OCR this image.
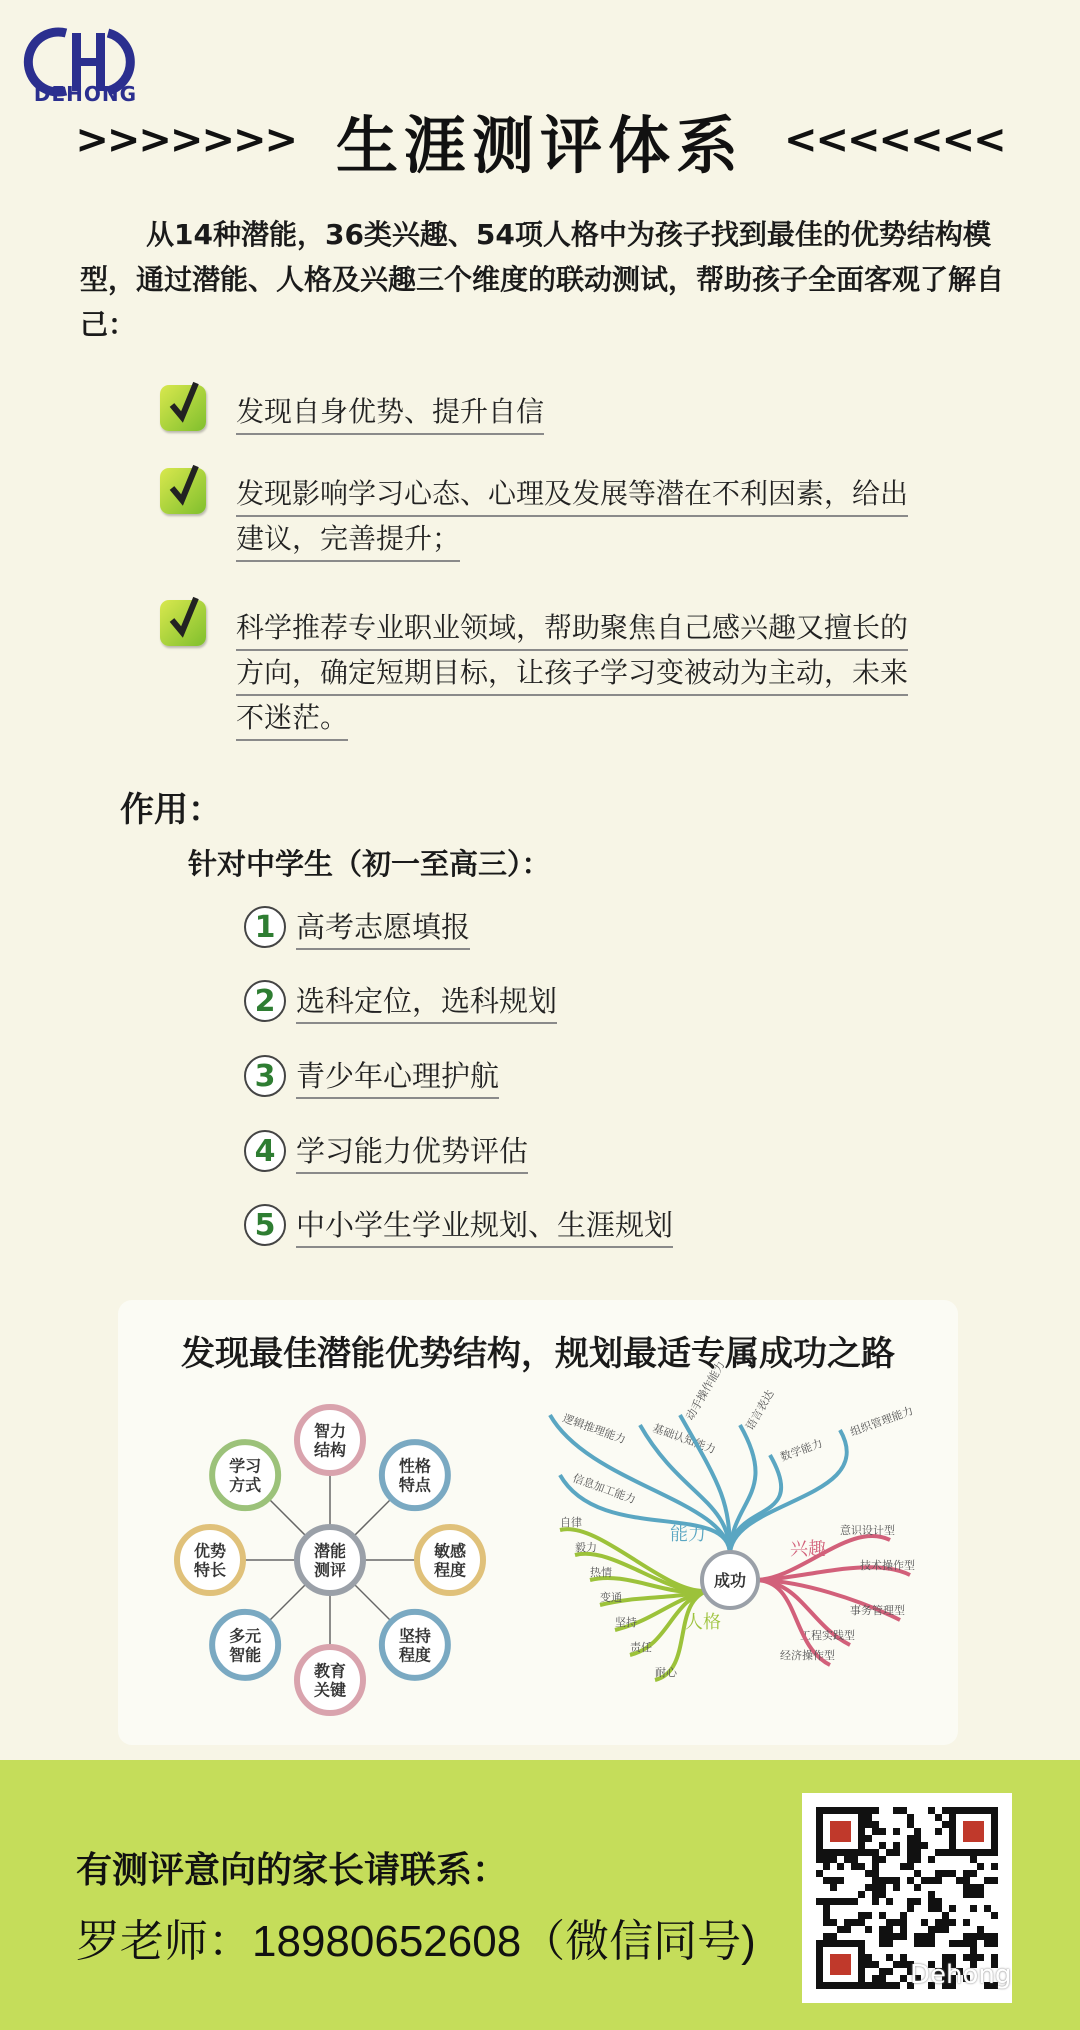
DEHONG
>>>>>>> 生涯测评体系 <<<<<<<
从14种潜能，36类兴趣、54项人格中为孩子找到最佳的优势结构模型，通过潜能、人格及兴趣三个维度的联动测试，帮助孩子全面客观了解自己：
发现自身优势、提升自信
发现影响学习心态、心理及发展等潜在不利因素，给出
建议，完善提升；
科学推荐专业职业领域，帮助聚焦自己感兴趣又擅长的
方向，确定短期目标，让孩子学习变被动为主动，未来
不迷茫。
作用：
针对中学生（初一至高三）：
1 高考志愿填报
2 选科定位，选科规划
3 青少年心理护航
4 学习能力优势评估
5 中小学生学业规划、生涯规划
发现最佳潜能优势结构，规划最适专属成功之路
智力结构
性格特点
敏感程度
坚持程度
教育关键
多元智能
优势特长
学习方式
潜能测评
逻辑推理能力
信息加工能力
基础认知能力
动手操作能力 语言表达
数学能力
组织管理能力
能力
自律
毅力
热情
变通
坚持
责任
耐心
人格
意识设计型
技术操作型
事务管理型
工程实践型
经济操作型
兴趣
成功
有测评意向的家长请联系：
罗老师：18980652608（微信同号)
Dehong
